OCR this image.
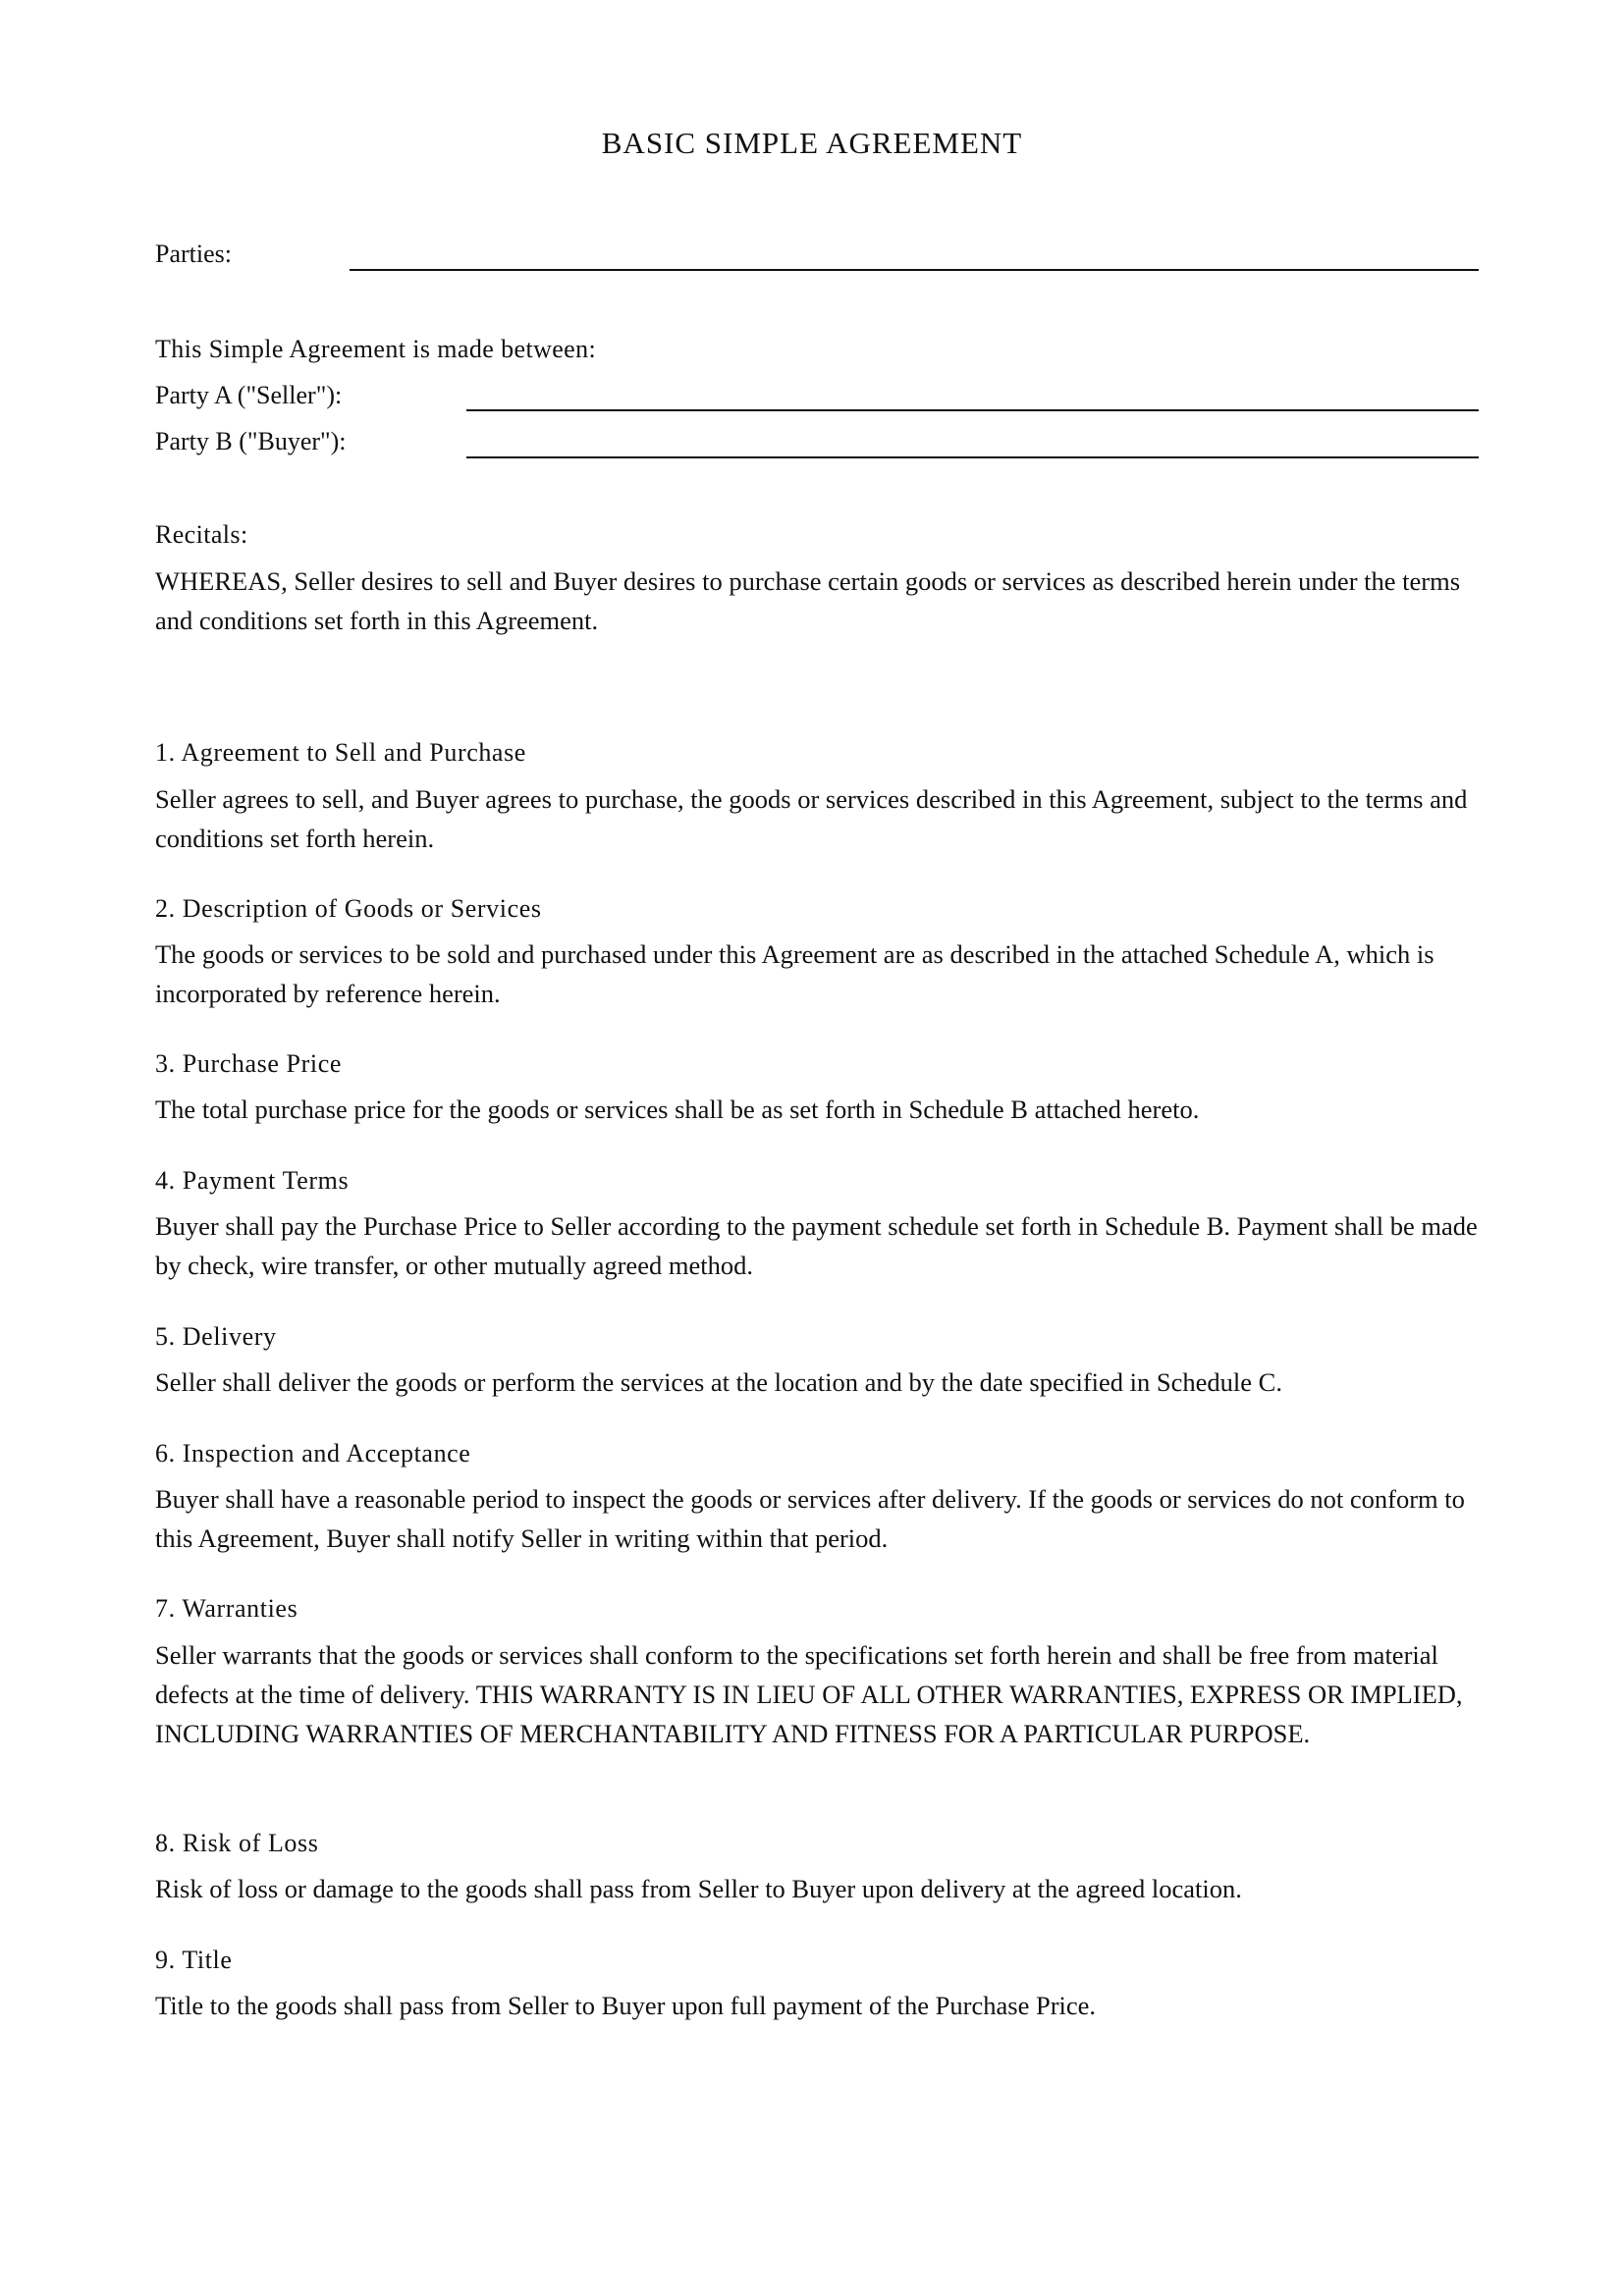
BASIC SIMPLE AGREEMENT
Parties:
This Simple Agreement is made between:
Party A ("Seller"):
Party B ("Buyer"):
Recitals:
WHEREAS, Seller desires to sell and Buyer desires to purchase certain goods or services as described herein under the terms and conditions set forth in this Agreement.
1. Agreement to Sell and Purchase
Seller agrees to sell, and Buyer agrees to purchase, the goods or services described in this Agreement, subject to the terms and conditions set forth herein.
2. Description of Goods or Services
The goods or services to be sold and purchased under this Agreement are as described in the attached Schedule A, which is incorporated by reference herein.
3. Purchase Price
The total purchase price for the goods or services shall be as set forth in Schedule B attached hereto.
4. Payment Terms
Buyer shall pay the Purchase Price to Seller according to the payment schedule set forth in Schedule B. Payment shall be made by check, wire transfer, or other mutually agreed method.
5. Delivery
Seller shall deliver the goods or perform the services at the location and by the date specified in Schedule C.
6. Inspection and Acceptance
Buyer shall have a reasonable period to inspect the goods or services after delivery. If the goods or services do not conform to this Agreement, Buyer shall notify Seller in writing within that period.
7. Warranties
Seller warrants that the goods or services shall conform to the specifications set forth herein and shall be free from material defects at the time of delivery. THIS WARRANTY IS IN LIEU OF ALL OTHER WARRANTIES, EXPRESS OR IMPLIED, INCLUDING WARRANTIES OF MERCHANTABILITY AND FITNESS FOR A PARTICULAR PURPOSE.
8. Risk of Loss
Risk of loss or damage to the goods shall pass from Seller to Buyer upon delivery at the agreed location.
9. Title
Title to the goods shall pass from Seller to Buyer upon full payment of the Purchase Price.
